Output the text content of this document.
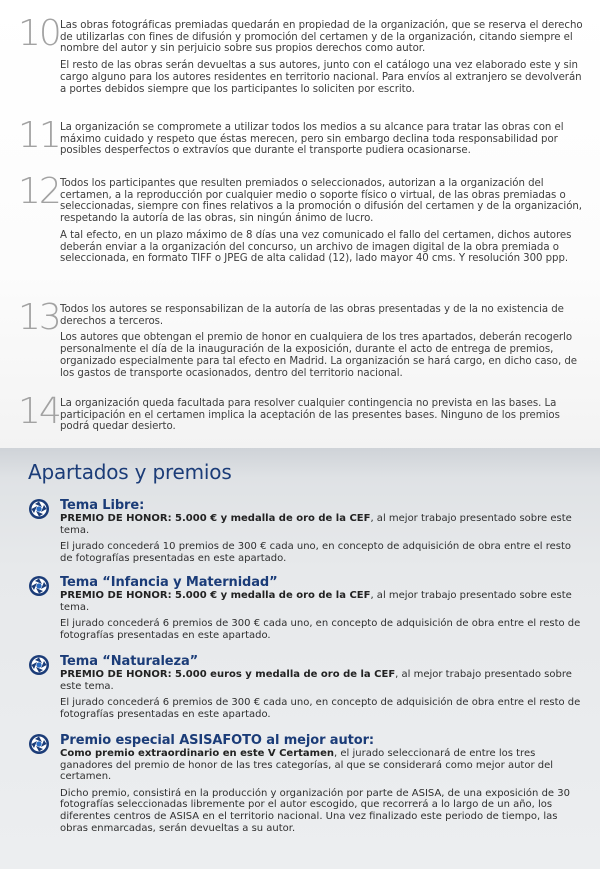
10 Las obras fotográficas premiadas quedarán en propiedad de la organización, que se reserva el derecho de utilizarlas con fines de difusión y promoción del certamen y de la organización, citando siempre el nombre del autor y sin perjuicio sobre sus propios derechos como autor.

El resto de las obras serán devueltas a sus autores, junto con el catálogo una vez elaborado este y sin cargo alguno para los autores residentes en territorio nacional. Para envíos al extranjero se devolverán a portes debidos siempre que los participantes lo soliciten por escrito.

11 La organización se compromete a utilizar todos los medios a su alcance para tratar las obras con el máximo cuidado y respeto que éstas merecen, pero sin embargo declina toda responsabilidad por posibles desperfectos o extravíos que durante el transporte pudiera ocasionarse.

12 Todos los participantes que resulten premiados o seleccionados, autorizan a la organización del certamen, a la reproducción por cualquier medio o soporte físico o virtual, de las obras premiadas o seleccionadas, siempre con fines relativos a la promoción o difusión del certamen y de la organización, respetando la autoría de las obras, sin ningún ánimo de lucro.

A tal efecto, en un plazo máximo de 8 días una vez comunicado el fallo del certamen, dichos autores deberán enviar a la organización del concurso, un archivo de imagen digital de la obra premiada o seleccionada, en formato TIFF o JPEG de alta calidad (12), lado mayor 40 cms. Y resolución 300 ppp.

13 Todos los autores se responsabilizan de la autoría de las obras presentadas y de la no existencia de derechos a terceros.

Los autores que obtengan el premio de honor en cualquiera de los tres apartados, deberán recogerlo personalmente el día de la inauguración de la exposición, durante el acto de entrega de premios, organizado especialmente para tal efecto en Madrid. La organización se hará cargo, en dicho caso, de los gastos de transporte ocasionados, dentro del territorio nacional.

14 La organización queda facultada para resolver cualquier contingencia no prevista en las bases. La participación en el certamen implica la aceptación de las presentes bases. Ninguno de los premios podrá quedar desierto.

Apartados y premios
Tema Libre:

PREMIO DE HONOR: 5.000 € y medalla de oro de la CEF, al mejor trabajo presentado sobre este tema.

El jurado concederá 10 premios de 300 € cada uno, en concepto de adquisición de obra entre el resto de fotografías presentadas en este apartado.

Tema “Infancia y Maternidad”

PREMIO DE HONOR: 5.000 € y medalla de oro de la CEF, al mejor trabajo presentado sobre este tema.

El jurado concederá 6 premios de 300 € cada uno, en concepto de adquisición de obra entre el resto de fotografías presentadas en este apartado.

Tema “Naturaleza”

PREMIO DE HONOR: 5.000 euros y medalla de oro de la CEF, al mejor trabajo presentado sobre este tema.

El jurado concederá 6 premios de 300 € cada uno, en concepto de adquisición de obra entre el resto de fotografías presentadas en este apartado.

Premio especial ASISAFOTO al mejor autor:

Como premio extraordinario en este V Certamen, el jurado seleccionará de entre los tres ganadores del premio de honor de las tres categorías, al que se considerará como mejor autor del certamen.

Dicho premio, consistirá en la producción y organización por parte de ASISA, de una exposición de 30 fotografías seleccionadas libremente por el autor escogido, que recorrerá a lo largo de un año, los diferentes centros de ASISA en el territorio nacional. Una vez finalizado este periodo de tiempo, las obras enmarcadas, serán devueltas a su autor.
